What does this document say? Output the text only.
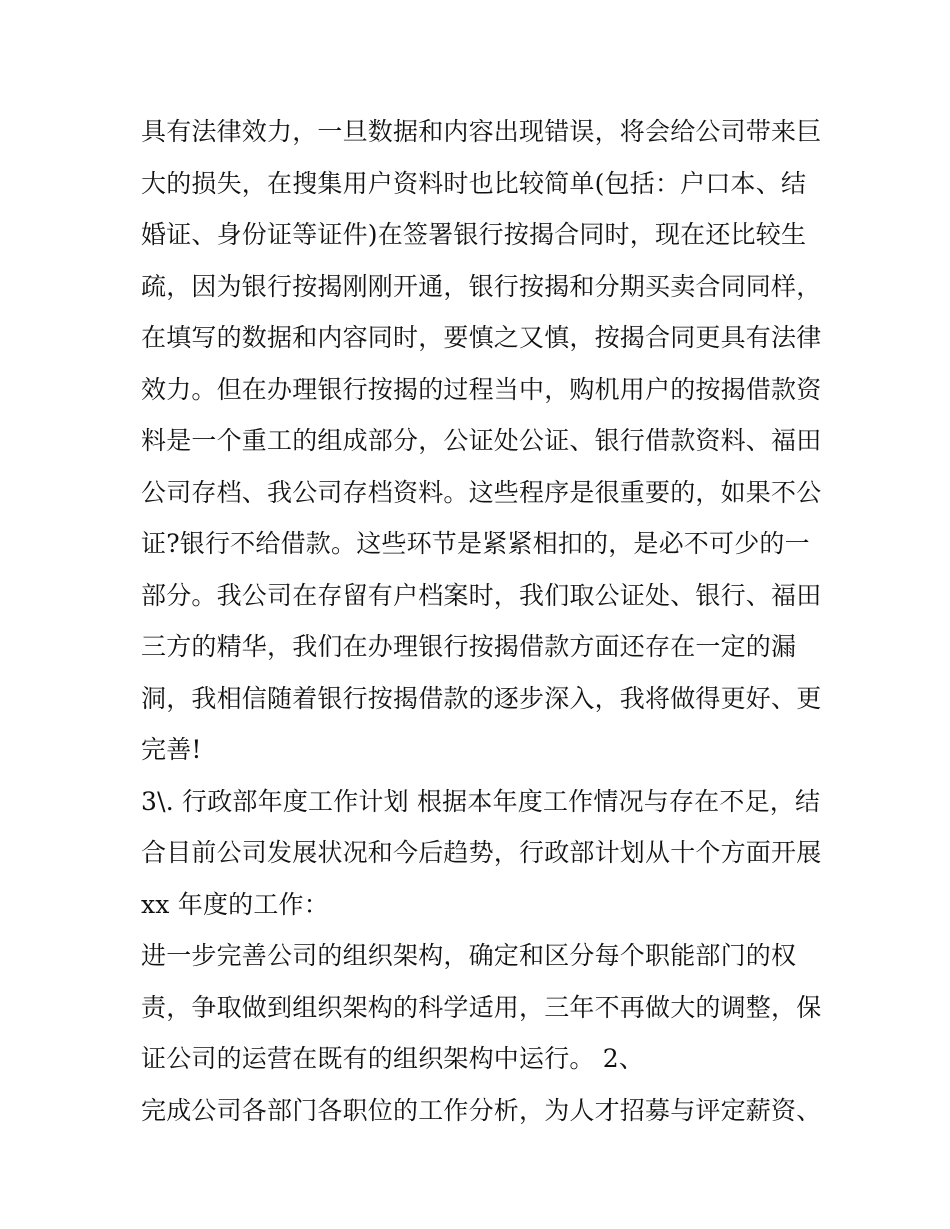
具有法律效力，一旦数据和内容出现错误，将会给公司带来巨
大的损失，在搜集用户资料时也比较简单(包括：户口本、结
婚证、身份证等证件)在签署银行按揭合同时，现在还比较生
疏，因为银行按揭刚刚开通，银行按揭和分期买卖合同同样，
在填写的数据和内容同时，要慎之又慎，按揭合同更具有法律
效力。但在办理银行按揭的过程当中，购机用户的按揭借款资
料是一个重工的组成部分，公证处公证、银行借款资料、福田
公司存档、我公司存档资料。这些程序是很重要的，如果不公
证?银行不给借款。这些环节是紧紧相扣的，是必不可少的一
部分。我公司在存留有户档案时，我们取公证处、银行、福田
三方的精华，我们在办理银行按揭借款方面还存在一定的漏
洞，我相信随着银行按揭借款的逐步深入，我将做得更好、更
完善!
3\. 行政部年度工作计划 根据本年度工作情况与存在不足，结
合目前公司发展状况和今后趋势，行政部计划从十个方面开展
xx 年度的工作：
进一步完善公司的组织架构，确定和区分每个职能部门的权
责，争取做到组织架构的科学适用，三年不再做大的调整，保
证公司的运营在既有的组织架构中运行。 2、
完成公司各部门各职位的工作分析，为人才招募与评定薪资、
